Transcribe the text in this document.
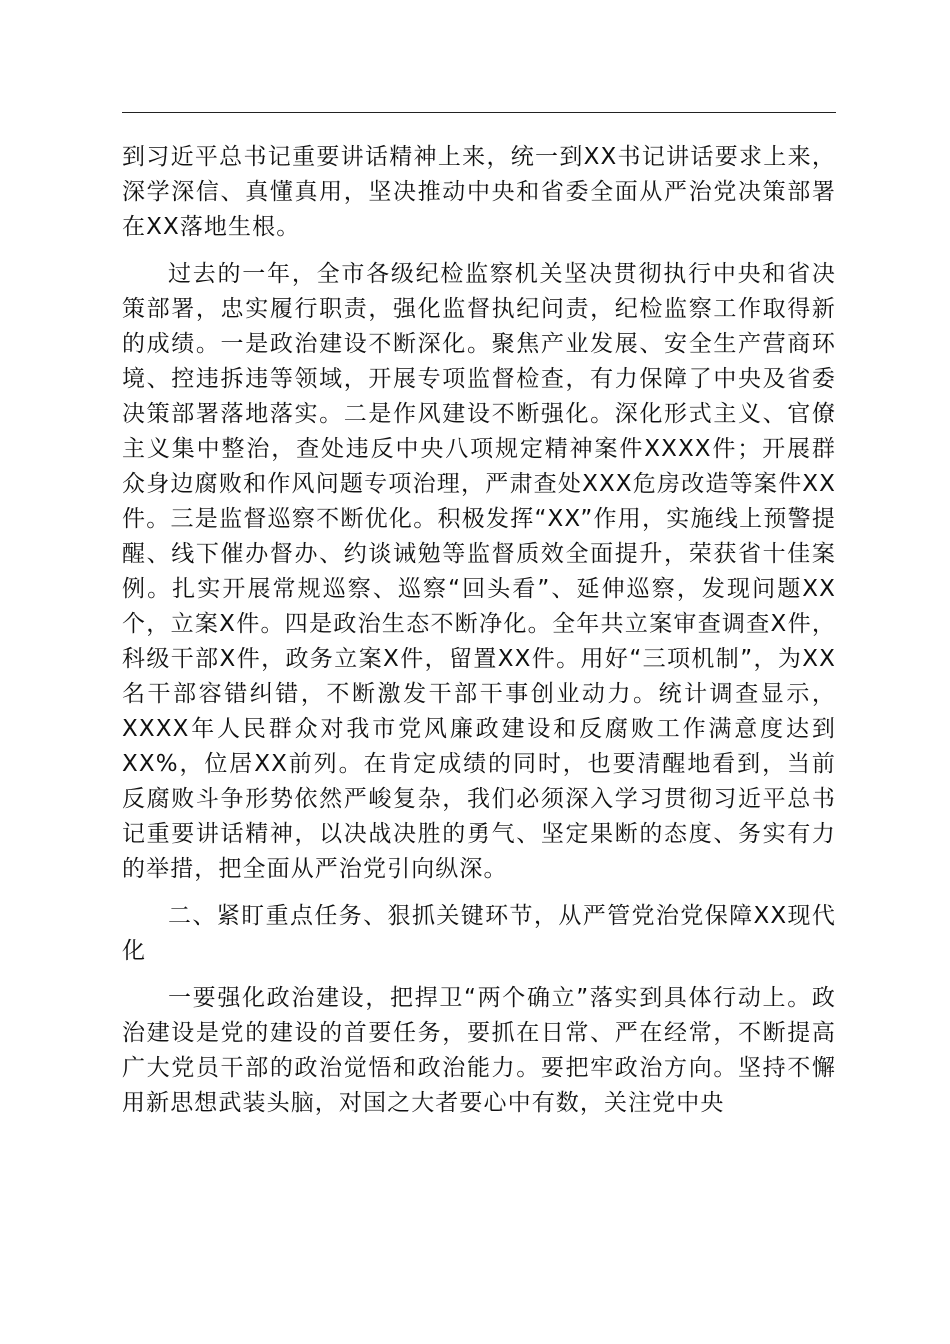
到习近平总书记重要讲话精神上来，统一到XX书记讲话要求上来，深学深信、真懂真用，坚决推动中央和省委全面从严治党决策部署在XX落地生根。

过去的一年，全市各级纪检监察机关坚决贯彻执行中央和省决策部署，忠实履行职责，强化监督执纪问责，纪检监察工作取得新的成绩。一是政治建设不断深化。聚焦产业发展、安全生产营商环境、控违拆违等领域，开展专项监督检查，有力保障了中央及省委决策部署落地落实。二是作风建设不断强化。深化形式主义、官僚主义集中整治，查处违反中央八项规定精神案件XXXX件；开展群众身边腐败和作风问题专项治理，严肃查处XXX危房改造等案件XX件。三是监督巡察不断优化。积极发挥“XX”作用，实施线上预警提醒、线下催办督办、约谈诫勉等监督质效全面提升，荣获省十佳案例。扎实开展常规巡察、巡察“回头看”、延伸巡察，发现问题XX个，立案X件。四是政治生态不断净化。全年共立案审查调查X件，科级干部X件，政务立案X件，留置XX件。用好“三项机制”，为XX名干部容错纠错，不断激发干部干事创业动力。统计调查显示，XXXX年人民群众对我市党风廉政建设和反腐败工作满意度达到XX%，位居XX前列。在肯定成绩的同时，也要清醒地看到，当前反腐败斗争形势依然严峻复杂，我们必须深入学习贯彻习近平总书记重要讲话精神，以决战决胜的勇气、坚定果断的态度、务实有力的举措，把全面从严治党引向纵深。

二、紧盯重点任务、狠抓关键环节，从严管党治党保障XX现代化

一要强化政治建设，把捍卫“两个确立”落实到具体行动上。政治建设是党的建设的首要任务，要抓在日常、严在经常，不断提高广大党员干部的政治觉悟和政治能力。要把牢政治方向。坚持不懈用新思想武装头脑，对国之大者要心中有数，关注党中央
